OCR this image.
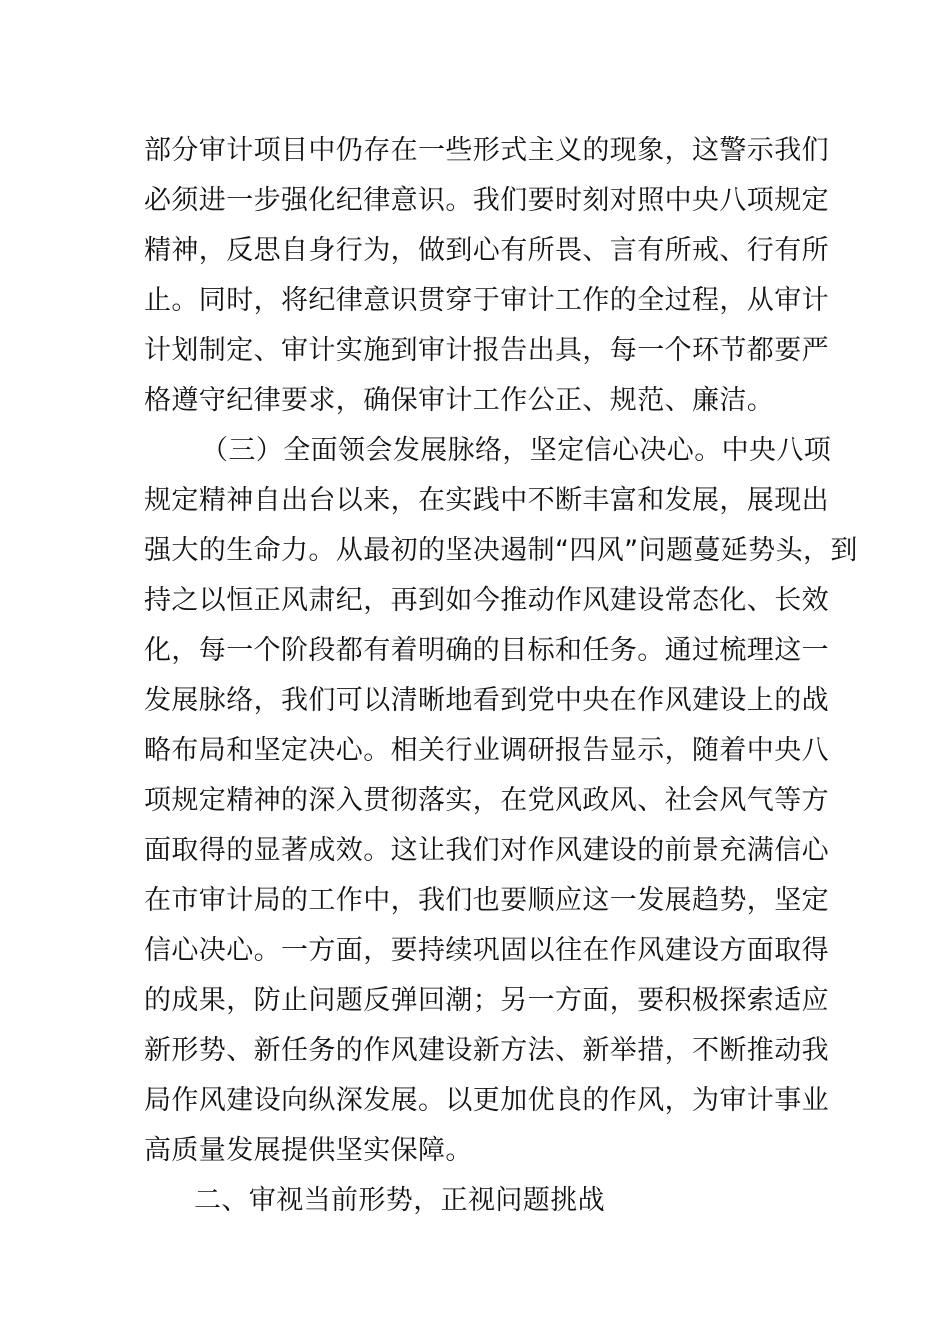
部分审计项目中仍存在一些形式主义的现象，这警示我们
必须进一步强化纪律意识。我们要时刻对照中央八项规定
精神，反思自身行为，做到心有所畏、言有所戒、行有所
止。同时，将纪律意识贯穿于审计工作的全过程，从审计
计划制定、审计实施到审计报告出具，每一个环节都要严
格遵守纪律要求，确保审计工作公正、规范、廉洁。
（三）全面领会发展脉络，坚定信心决心。中央八项
规定精神自出台以来，在实践中不断丰富和发展，展现出
强大的生命力。从最初的坚决遏制“四风”问题蔓延势头，到
持之以恒正风肃纪，再到如今推动作风建设常态化、长效
化，每一个阶段都有着明确的目标和任务。通过梳理这一
发展脉络，我们可以清晰地看到党中央在作风建设上的战
略布局和坚定决心。相关行业调研报告显示，随着中央八
项规定精神的深入贯彻落实，在党风政风、社会风气等方
面取得的显著成效。这让我们对作风建设的前景充满信心
在市审计局的工作中，我们也要顺应这一发展趋势，坚定
信心决心。一方面，要持续巩固以往在作风建设方面取得
的成果，防止问题反弹回潮；另一方面，要积极探索适应
新形势、新任务的作风建设新方法、新举措，不断推动我
局作风建设向纵深发展。以更加优良的作风，为审计事业
高质量发展提供坚实保障。
二、审视当前形势，正视问题挑战
